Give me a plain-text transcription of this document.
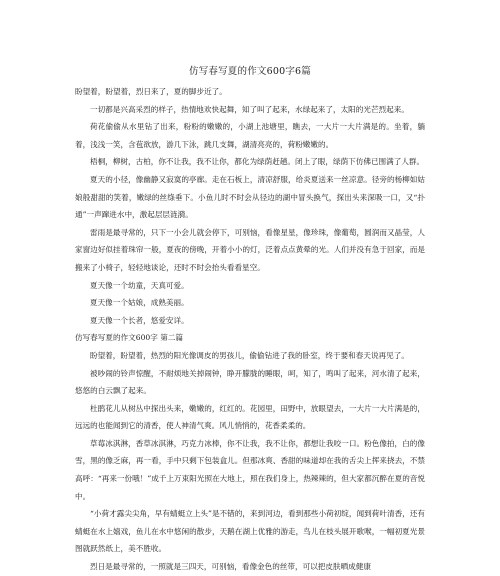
仿写春写夏的作文600字6篇

盼望着，盼望着，烈日来了，夏的脚步近了。

一切都是兴高采烈的样子，热情地欢快起舞，知了叫了起来，水绿起来了，太阳的光芒烈起来。

荷花偷偷从水里钻了出来，粉粉的嫩嫩的，小湖上池塘里，瞧去，一大片一大片满是的。坐着，躺着，浅浅一笑，含苞欲放，游几下泳，跳几支舞，湖清亮亮的，荷粉嫩嫩的。

梧桐，柳树，古柏，你不让我，我不让你，都化为绿荫赶趟。闭上了眼，绿荫下仿佛已围满了人群。

夏天的小径，像幽静又寂寞的亭廊。走在石板上，清凉舒服，给炎夏送来一丝凉意。径旁的杨柳如姑娘般甜甜的笑着，嫩绿的丝绦垂下。小鱼儿时不时会从径边的湖中冒头换气，探出头来深吸一口，又“扑通”一声蹿进水中，激起层层涟漪。

雷雨是最寻常的，只下一小会儿就会停下，可别恼，看像星星，像珍珠，像葡萄，圆润而又晶莹，人家窗边好似挂着珠帘一般，夏夜的傍晚，开着小小的灯，泛着点点黄晕的光。人们并没有急于回家，而是搬来了小椅子，轻轻地谈论，还时不时会抬头看看星空。

夏天像一个幼童，天真可爱。

夏天像一个姑娘，成熟美丽。

夏天像一个长者，悠爱安详。

仿写春写夏的作文600字 第二篇

盼望着，盼望着，热烈的阳光像调皮的男孩儿，偷偷钻进了我的卧室，终于要和春天说再见了。

被吵闹的铃声惊醒，不耐烦地关掉闹钟，睁开朦胧的睡眼，呵，知了，鸣叫了起来，河水清了起来，悠悠的白云飘了起来。

杜鹃花儿从树丛中探出头来，嫩嫩的，红红的。花园里，田野中，放眼望去，一大片一大片满是的，远远的也能闻到它的清香，使人神清气爽。风儿悄悄的，花香柔柔的。

草莓冰淇淋，香草冰淇淋，巧克力冰棒，你不让我，我不让你，都想让我咬一口。粉色像拍，白的像雪，黑的像乏麻，再一看，手中只剩下包装盒儿。但那冰爽、香甜的味道却在我的舌尖上挥来挠去，不禁高呼：“再来一份哦！”成千上万束阳光照在大地上，照在我们身上，热辣辣的，但大家都沉醉在夏的音悦中。

“小荷才露尖尖角，早有蜻蜓立上头”是不错的，来到河边，看到那些小荷初绽，闻到荷叶清香，还有蜻蜓在水上嬉戏，鱼儿在水中悠闲的散步，天鹅在湖上优雅的游走，鸟儿在枝头展开歌喉，一幅初夏光景图就跃然纸上，美不胜收。

烈日是最寻常的，一照就是三四天，可别恼，看像金色的丝带，可以把皮肤晒成健康
